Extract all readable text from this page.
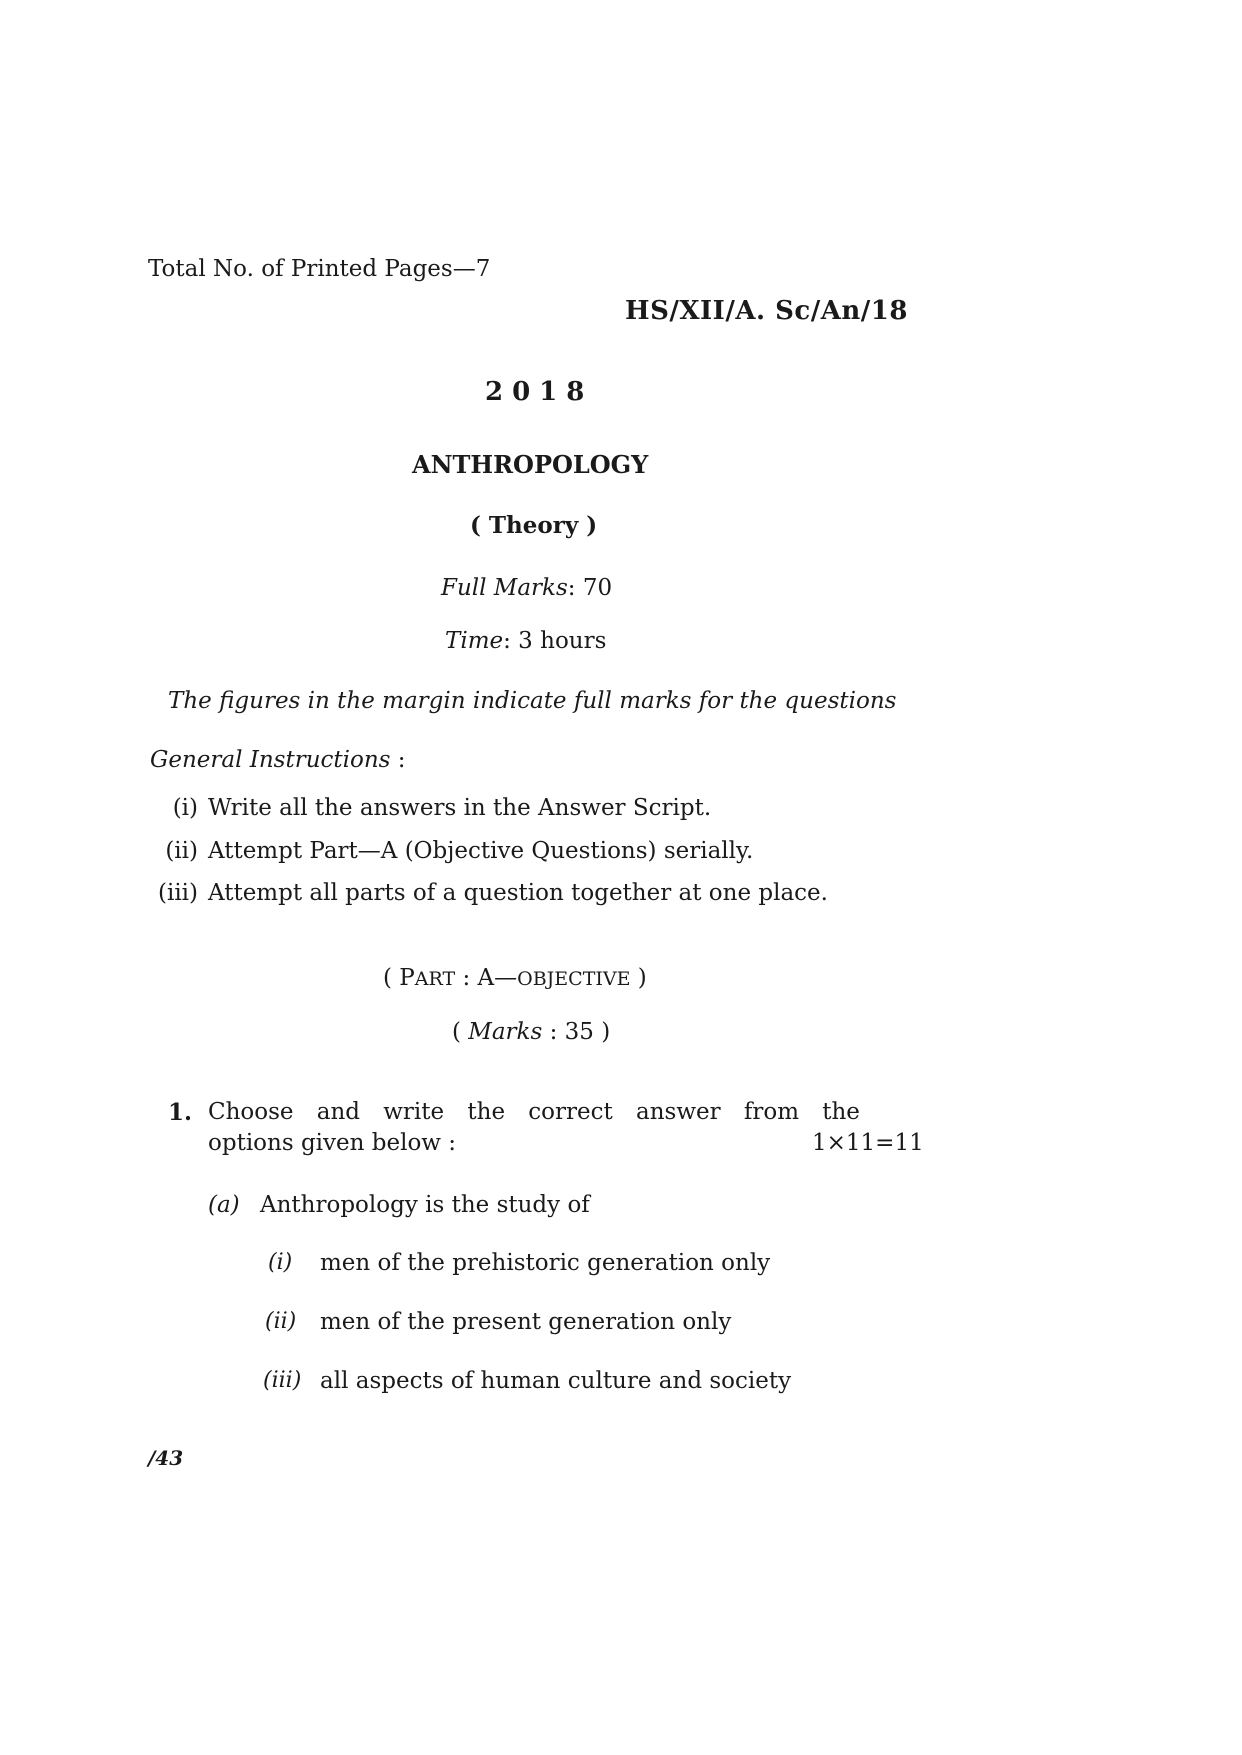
Total No. of Printed Pages—7
HS/XII/A. Sc/An/18
2018
ANTHROPOLOGY
( Theory )
Full Marks: 70
Time: 3 hours
The figures in the margin indicate full marks for the questions
General Instructions :
(i) Write all the answers in the Answer Script.
(ii) Attempt Part—A (Objective Questions) serially.
(iii) Attempt all parts of a question together at one place.
( PART : A—OBJECTIVE )
( Marks : 35 )
1. Choose and write the correct answer from the
options given below :	1×11=11
(a) Anthropology is the study of
(i) men of the prehistoric generation only
(ii) men of the present generation only
(iii) all aspects of human culture and society
/43
